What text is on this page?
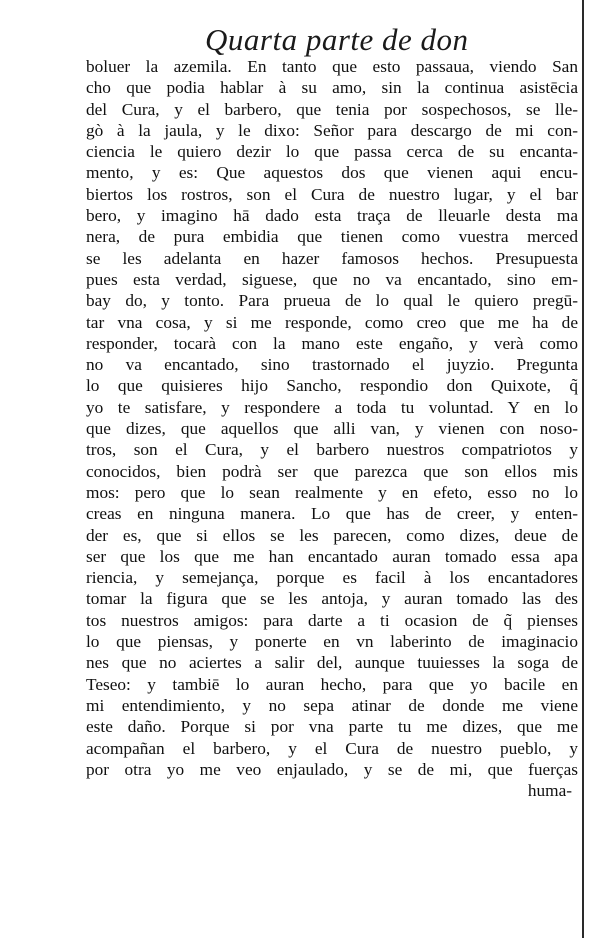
Quarta parte de don
boluer la azemila. En tanto que esto passaua, viendo San
cho que podia hablar à su amo, sin la continua asistēcia
del Cura, y el barbero, que tenia por sospechosos, se lle-
gò à la jaula, y le dixo: Señor para descargo de mi con-
ciencia le quiero dezir lo que passa cerca de su encanta-
mento, y es: Que aquestos dos que vienen aqui encu-
biertos los rostros, son el Cura de nuestro lugar, y el bar
bero, y imagino hā dado esta traça de lleuarle desta ma
nera, de pura embidia que tienen como vuestra merced
se les adelanta en hazer famosos hechos. Presupuesta
pues esta verdad, siguese, que no va encantado, sino em-
bay do, y tonto. Para prueua de lo qual le quiero pregū-
tar vna cosa, y si me responde, como creo que me ha de
responder, tocarà con la mano este engaño, y verà como
no va encantado, sino trastornado el juyzio. Pregunta
lo que quisieres hijo Sancho, respondio don Quixote, q̃
yo te satisfare, y respondere a toda tu voluntad. Y en lo
que dizes, que aquellos que alli van, y vienen con noso-
tros, son el Cura, y el barbero nuestros compatriotos y
conocidos, bien podrà ser que parezca que son ellos mis
mos: pero que lo sean realmente y en efeto, esso no lo
creas en ninguna manera. Lo que has de creer, y enten-
der es, que si ellos se les parecen, como dizes, deue de
ser que los que me han encantado auran tomado essa apa
riencia, y semejança, porque es facil à los encantadores
tomar la figura que se les antoja, y auran tomado las des
tos nuestros amigos: para darte a ti ocasion de q̃ pienses
lo que piensas, y ponerte en vn laberinto de imaginacio
nes que no aciertes a salir del, aunque tuuiesses la soga de
Teseo: y tambiē lo auran hecho, para que yo bacile en
mi entendimiento, y no sepa atinar de donde me viene
este daño. Porque si por vna parte tu me dizes, que me
acompañan el barbero, y el Cura de nuestro pueblo, y
por otra yo me veo enjaulado, y se de mi, que fuerças
huma-
